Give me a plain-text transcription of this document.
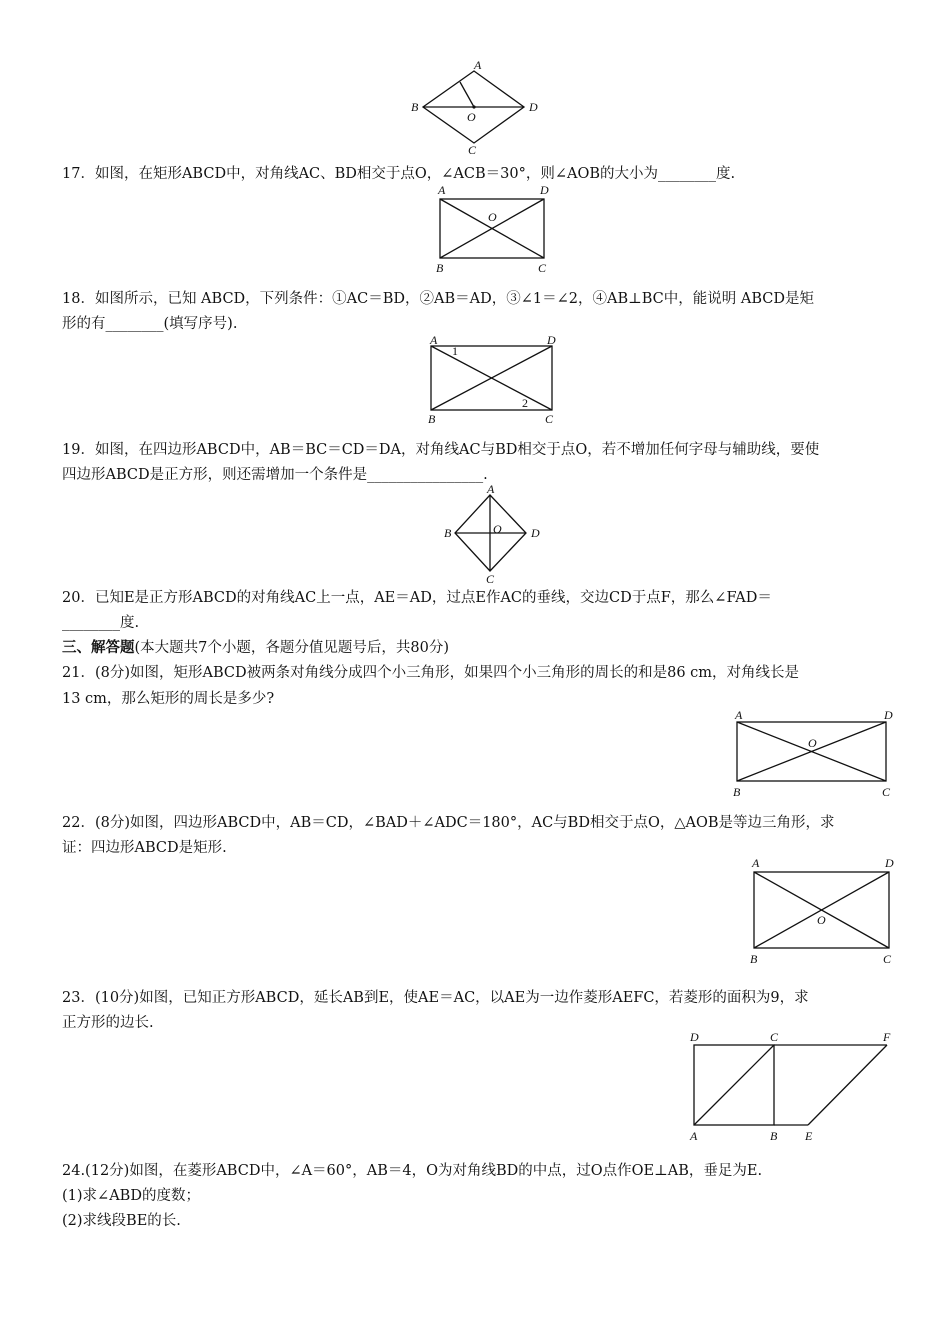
A
B
O
D
C
17．如图，在矩形ABCD中，对角线AC、BD相交于点O，∠ACB＝30°，则∠AOB的大小为________度.
A	D
O
B	C
18．如图所示，已知 ABCD，下列条件：①AC＝BD，②AB＝AD，③∠1＝∠2，④AB⊥BC中，能说明 ABCD是矩
形的有________(填写序号).
A
1
D
B
2
C
19．如图，在四边形ABCD中，AB＝BC＝CD＝DA，对角线AC与BD相交于点O，若不增加任何字母与辅助线，要使
四边形ABCD是正方形，则还需增加一个条件是________________.
A
B	O D
C
20．已知E是正方形ABCD的对角线AC上一点，AE＝AD，过点E作AC的垂线，交边CD于点F，那么∠FAD＝
________度.
三、解答题(本大题共7个小题，各题分值见题号后，共80分)
21．(8分)如图，矩形ABCD被两条对角线分成四个小三角形，如果四个小三角形的周长的和是86 cm，对角线长是
13 cm，那么矩形的周长是多少?
A	D
O
B	C
22．(8分)如图，四边形ABCD中，AB＝CD，∠BAD＋∠ADC＝180°，AC与BD相交于点O，△AOB是等边三角形，求
证：四边形ABCD是矩形.
A	D
O
B	C
23．(10分)如图，已知正方形ABCD，延长AB到E，使AE＝AC，以AE为一边作菱形AEFC，若菱形的面积为9，求
正方形的边长.
D	C	F
A	B E
24.(12分)如图，在菱形ABCD中，∠A＝60°，AB＝4，O为对角线BD的中点，过O点作OE⊥AB，垂足为E.
(1)求∠ABD的度数；
(2)求线段BE的长.
